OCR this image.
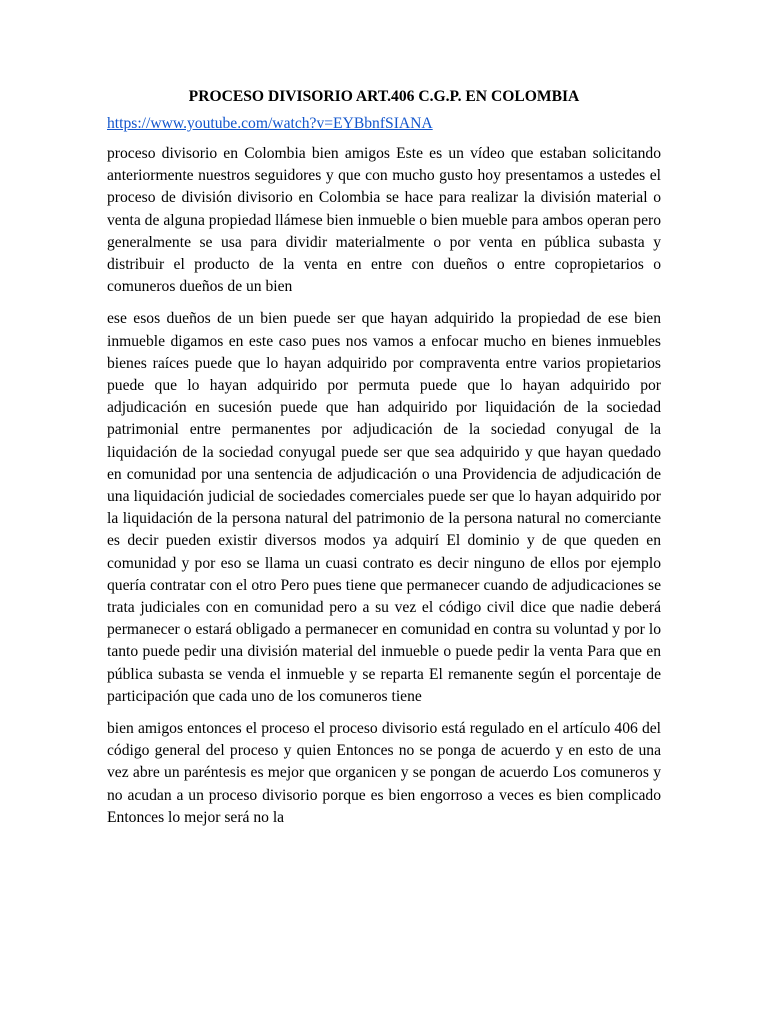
PROCESO DIVISORIO ART.406 C.G.P. EN COLOMBIA
https://www.youtube.com/watch?v=EYBbnfSIANA

proceso divisorio en Colombia bien amigos Este es un vídeo que estaban solicitando anteriormente nuestros seguidores y que con mucho gusto hoy presentamos a ustedes el proceso de división divisorio en Colombia se hace para realizar la división material o venta de alguna propiedad llámese bien inmueble o bien mueble para ambos operan pero generalmente se usa para dividir materialmente o por venta en pública subasta y distribuir el producto de la venta en entre con dueños o entre copropietarios o comuneros dueños de un bien

ese esos dueños de un bien puede ser que hayan adquirido la propiedad de ese bien inmueble digamos en este caso pues nos vamos a enfocar mucho en bienes inmuebles bienes raíces puede que lo hayan adquirido por compraventa entre varios propietarios puede que lo hayan adquirido por permuta puede que lo hayan adquirido por adjudicación en sucesión puede que han adquirido por liquidación de la sociedad patrimonial entre permanentes por adjudicación de la sociedad conyugal de la liquidación de la sociedad conyugal puede ser que sea adquirido y que hayan quedado en comunidad por una sentencia de adjudicación o una Providencia de adjudicación de una liquidación judicial de sociedades comerciales puede ser que lo hayan adquirido por la liquidación de la persona natural del patrimonio de la persona natural no comerciante es decir pueden existir diversos modos ya adquirí El dominio y de que queden en comunidad y por eso se llama un cuasi contrato es decir ninguno de ellos por ejemplo quería contratar con el otro Pero pues tiene que permanecer cuando de adjudicaciones se trata judiciales con en comunidad pero a su vez el código civil dice que nadie deberá permanecer o estará obligado a permanecer en comunidad en contra su voluntad y por lo tanto puede pedir una división material del inmueble o puede pedir la venta Para que en pública subasta se venda el inmueble y se reparta El remanente según el porcentaje de participación que cada uno de los comuneros tiene

bien amigos entonces el proceso el proceso divisorio está regulado en el artículo 406 del código general del proceso y quien Entonces no se ponga de acuerdo y en esto de una vez abre un paréntesis es mejor que organicen y se pongan de acuerdo Los comuneros y no acudan a un proceso divisorio porque es bien engorroso a veces es bien complicado Entonces lo mejor será no la
